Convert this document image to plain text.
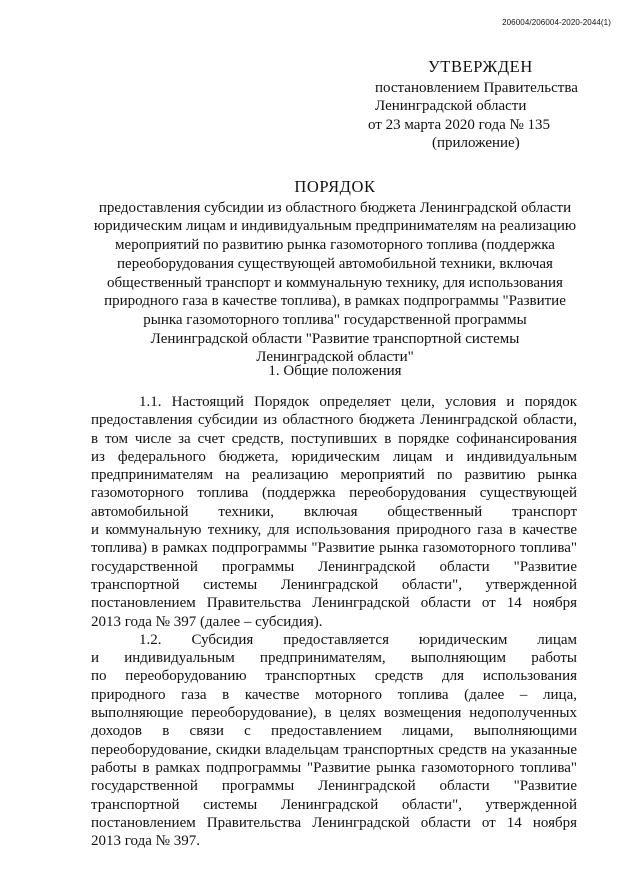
206004/206004-2020-2044(1)
УТВЕРЖДЕН
постановлением Правительства
Ленинградской области
от 23 марта 2020 года № 135
(приложение)
ПОРЯДОК
предоставления субсидии из областного бюджета Ленинградской области
юридическим лицам и индивидуальным предпринимателям на реализацию
мероприятий по развитию рынка газомоторного топлива (поддержка
переоборудования существующей автомобильной техники, включая
общественный транспорт и коммунальную технику, для использования
природного газа в качестве топлива), в рамках подпрограммы "Развитие
рынка газомоторного топлива" государственной программы
Ленинградской области "Развитие транспортной системы
Ленинградской области"
1. Общие положения
1.1. Настоящий Порядок определяет цели, условия и порядок
предоставления субсидии из областного бюджета Ленинградской области,
в том числе за счет средств, поступивших в порядке софинансирования
из федерального бюджета, юридическим лицам и индивидуальным
предпринимателям на реализацию мероприятий по развитию рынка
газомоторного топлива (поддержка переоборудования существующей
автомобильной техники, включая общественный транспорт
и коммунальную технику, для использования природного газа в качестве
топлива) в рамках подпрограммы "Развитие рынка газомоторного топлива"
государственной программы Ленинградской области "Развитие
транспортной системы Ленинградской области", утвержденной
постановлением Правительства Ленинградской области от 14 ноября
2013 года № 397 (далее – субсидия).
1.2. Субсидия предоставляется юридическим лицам
и индивидуальным предпринимателям, выполняющим работы
по переоборудованию транспортных средств для использования
природного газа в качестве моторного топлива (далее – лица,
выполняющие переоборудование), в целях возмещения недополученных
доходов в связи с предоставлением лицами, выполняющими
переоборудование, скидки владельцам транспортных средств на указанные
работы в рамках подпрограммы "Развитие рынка газомоторного топлива"
государственной программы Ленинградской области "Развитие
транспортной системы Ленинградской области", утвержденной
постановлением Правительства Ленинградской области от 14 ноября
2013 года № 397.
